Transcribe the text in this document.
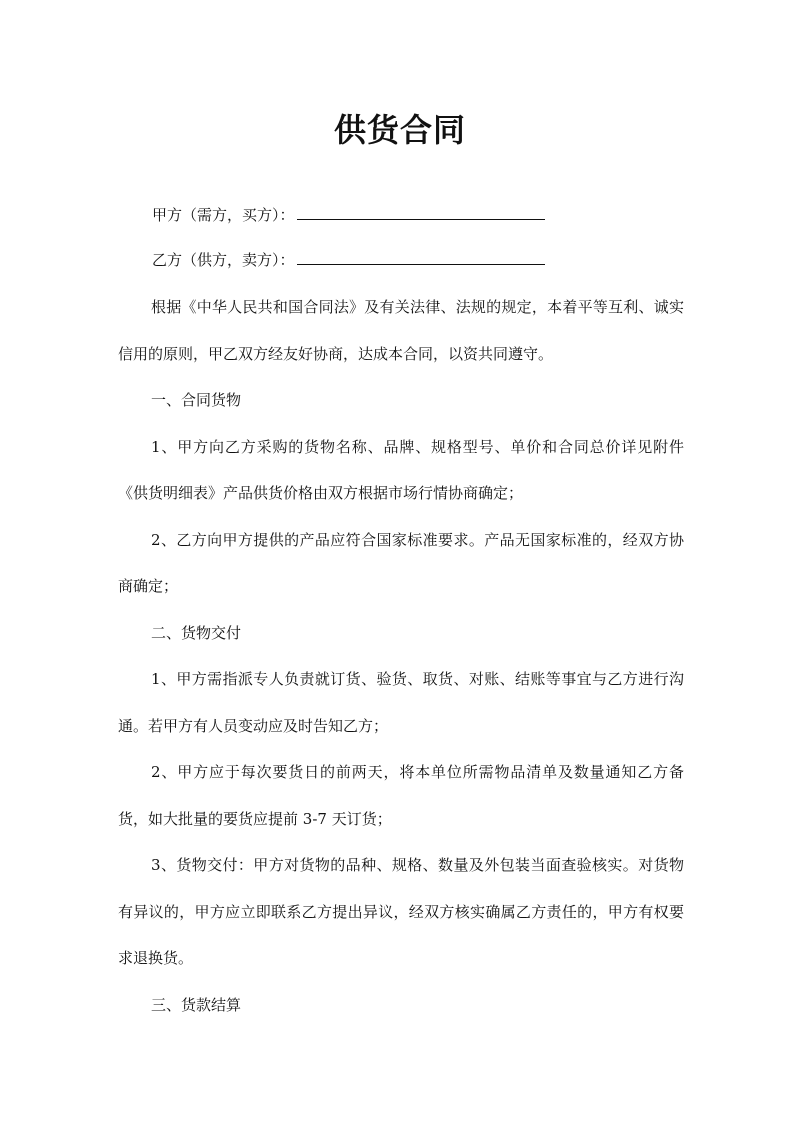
供货合同
甲方（需方，买方）：
乙方（供方，卖方）：

根据《中华人民共和国合同法》及有关法律、法规的规定，本着平等互利、诚实信用的原则，甲乙双方经友好协商，达成本合同，以资共同遵守。

一、合同货物

1、甲方向乙方采购的货物名称、品牌、规格型号、单价和合同总价详见附件《供货明细表》产品供货价格由双方根据市场行情协商确定；

2、乙方向甲方提供的产品应符合国家标准要求。产品无国家标准的，经双方协商确定；

二、货物交付

1、甲方需指派专人负责就订货、验货、取货、对账、结账等事宜与乙方进行沟通。若甲方有人员变动应及时告知乙方；

2、甲方应于每次要货日的前两天，将本单位所需物品清单及数量通知乙方备货，如大批量的要货应提前 3-7 天订货；

3、货物交付：甲方对货物的品种、规格、数量及外包装当面查验核实。对货物有异议的，甲方应立即联系乙方提出异议，经双方核实确属乙方责任的，甲方有权要求退换货。

三、货款结算
